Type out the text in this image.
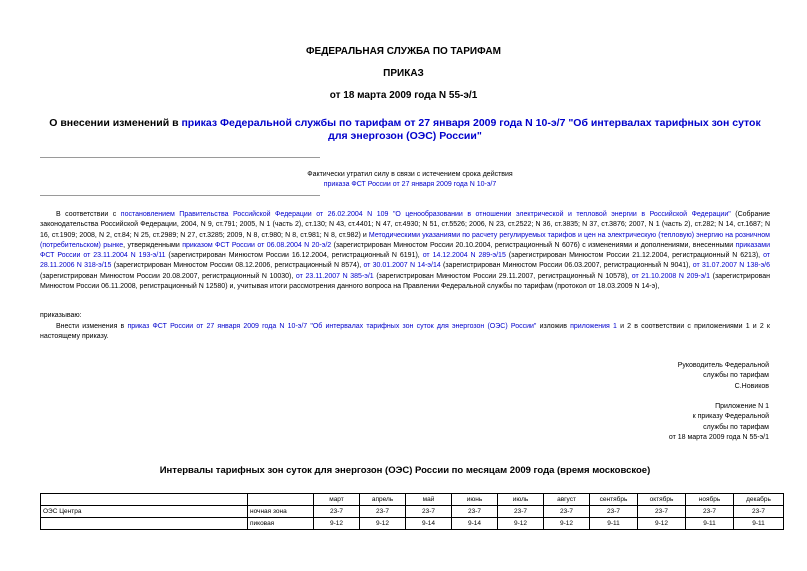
ФЕДЕРАЛЬНАЯ СЛУЖБА ПО ТАРИФАМ
ПРИКАЗ
от 18 марта 2009 года N 55-э/1
О внесении изменений в приказ Федеральной службы по тарифам от 27 января 2009 года N 10-э/7 "Об интервалах тарифных зон суток для энергозон (ОЭС) России"
Фактически утратил силу в связи с истечением срока действия
приказа ФСТ России от 27 января 2009 года N 10-э/7
В соответствии с постановлением Правительства Российской Федерации от 26.02.2004 N 109 "О ценообразовании в отношении электрической и тепловой энергии в Российской Федерации" (Собрание законодательства Российской Федерации, 2004, N 9, ст.791; 2005, N 1 (часть 2), ст.130; N 43, ст.4401; N 47, ст.4930; N 51, ст.5526; 2006, N 23, ст.2522; N 36, ст.3835; N 37, ст.3876; 2007, N 1 (часть 2), ст.282; N 14, ст.1687; N 16, ст.1909; 2008, N 2, ст.84; N 25, ст.2989; N 27, ст.3285; 2009, N 8, ст.980; N 8, ст.981; N 8, ст.982) и Методическими указаниями по расчету регулируемых тарифов и цен на электрическую (тепловую) энергию на розничном (потребительском) рынке, утвержденными приказом ФСТ России от 06.08.2004 N 20-э/2 (зарегистрирован Минюстом России 20.10.2004, регистрационный N 6076) с изменениями и дополнениями, внесенными приказами ФСТ России от 23.11.2004 N 193-э/11 (зарегистрирован Минюстом России 16.12.2004, регистрационный N 6191), от 14.12.2004 N 289-э/15 (зарегистрирован Минюстом России 21.12.2004, регистрационный N 6213), от 28.11.2006 N 318-э/15 (зарегистрирован Минюстом России 08.12.2006, регистрационный N 8574), от 30.01.2007 N 14-э/14 (зарегистрирован Минюстом России 06.03.2007, регистрационный N 9041), от 31.07.2007 N 138-э/6 (зарегистрирован Минюстом России 20.08.2007, регистрационный N 10030), от 23.11.2007 N 385-э/1 (зарегистрирован Минюстом России 29.11.2007, регистрационный N 10578), от 21.10.2008 N 209-э/1 (зарегистрирован Минюстом России 06.11.2008, регистрационный N 12580) и, учитывая итоги рассмотрения данного вопроса на Правлении Федеральной службы по тарифам (протокол от 18.03.2009 N 14-э),
приказываю:
Внести изменения в приказ ФСТ России от 27 января 2009 года N 10-э/7 "Об интервалах тарифных зон суток для энергозон (ОЭС) России" изложив приложения 1 и 2 в соответствии с приложениями 1 и 2 к настоящему приказу.
Руководитель Федеральной
службы по тарифам
С.Новиков
Приложение N 1
к приказу Федеральной
службы по тарифам
от 18 марта 2009 года N 55-э/1
Интервалы тарифных зон суток для энергозон (ОЭС) России по месяцам 2009 года (время московское)
		март	апрель	май	июнь	июль	август	сентябрь	октябрь	ноябрь	декабрь
ОЭС Центра	ночная зона	23-7	23-7	23-7	23-7	23-7	23-7	23-7	23-7	23-7	23-7
	пиковая	9-12	9-12	9-14	9-14	9-12	9-12	9-11	9-12	9-11	9-11
